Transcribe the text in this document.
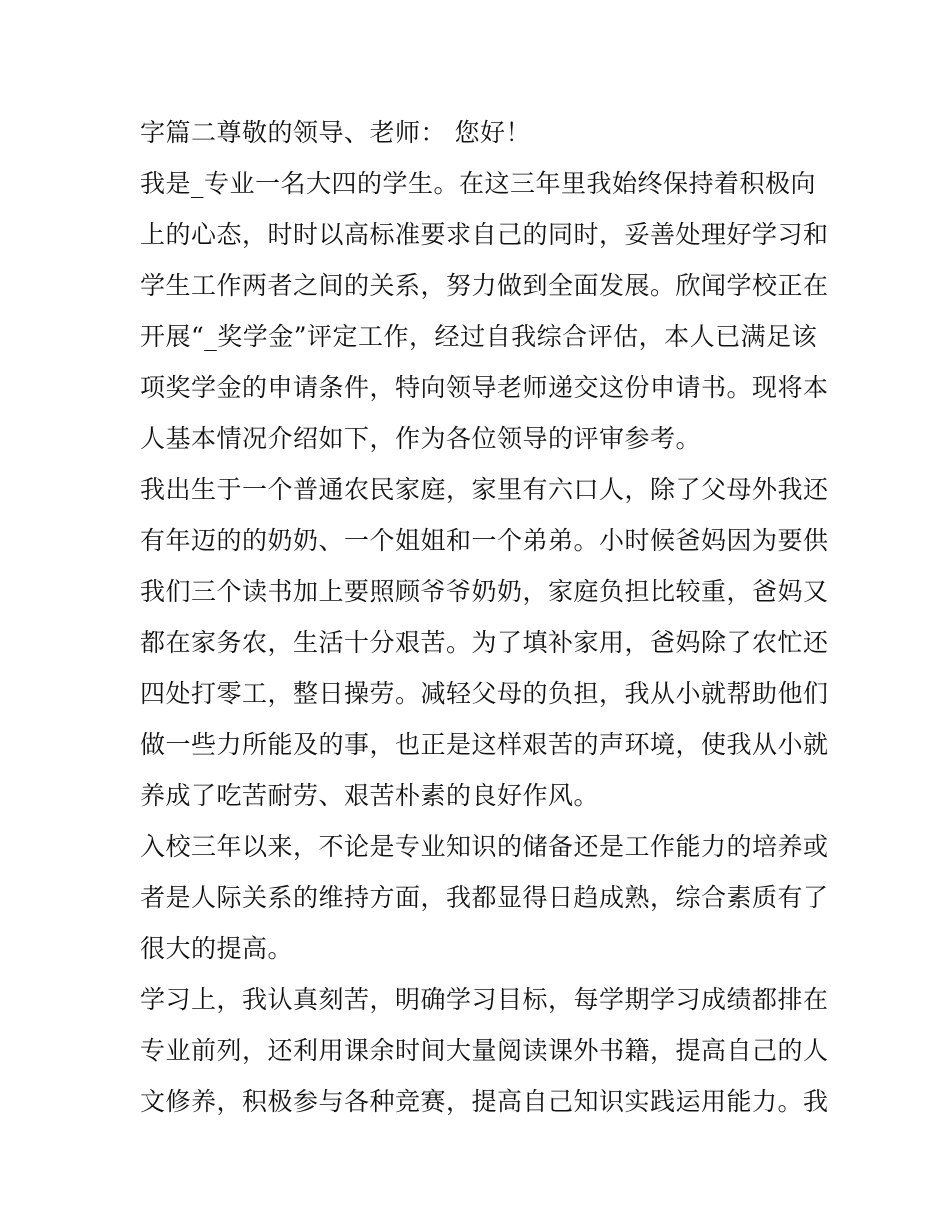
字篇二尊敬的领导、老师： 您好！
我是_专业一名大四的学生。在这三年里我始终保持着积极向
上的心态，时时以高标准要求自己的同时，妥善处理好学习和
学生工作两者之间的关系，努力做到全面发展。欣闻学校正在
开展“_奖学金”评定工作，经过自我综合评估，本人已满足该
项奖学金的申请条件，特向领导老师递交这份申请书。现将本
人基本情况介绍如下，作为各位领导的评审参考。
我出生于一个普通农民家庭，家里有六口人，除了父母外我还
有年迈的的奶奶、一个姐姐和一个弟弟。小时候爸妈因为要供
我们三个读书加上要照顾爷爷奶奶，家庭负担比较重，爸妈又
都在家务农，生活十分艰苦。为了填补家用，爸妈除了农忙还
四处打零工，整日操劳。减轻父母的负担，我从小就帮助他们
做一些力所能及的事，也正是这样艰苦的声环境，使我从小就
养成了吃苦耐劳、艰苦朴素的良好作风。
入校三年以来，不论是专业知识的储备还是工作能力的培养或
者是人际关系的维持方面，我都显得日趋成熟，综合素质有了
很大的提高。
学习上，我认真刻苦，明确学习目标，每学期学习成绩都排在
专业前列，还利用课余时间大量阅读课外书籍，提高自己的人
文修养，积极参与各种竞赛，提高自己知识实践运用能力。我
